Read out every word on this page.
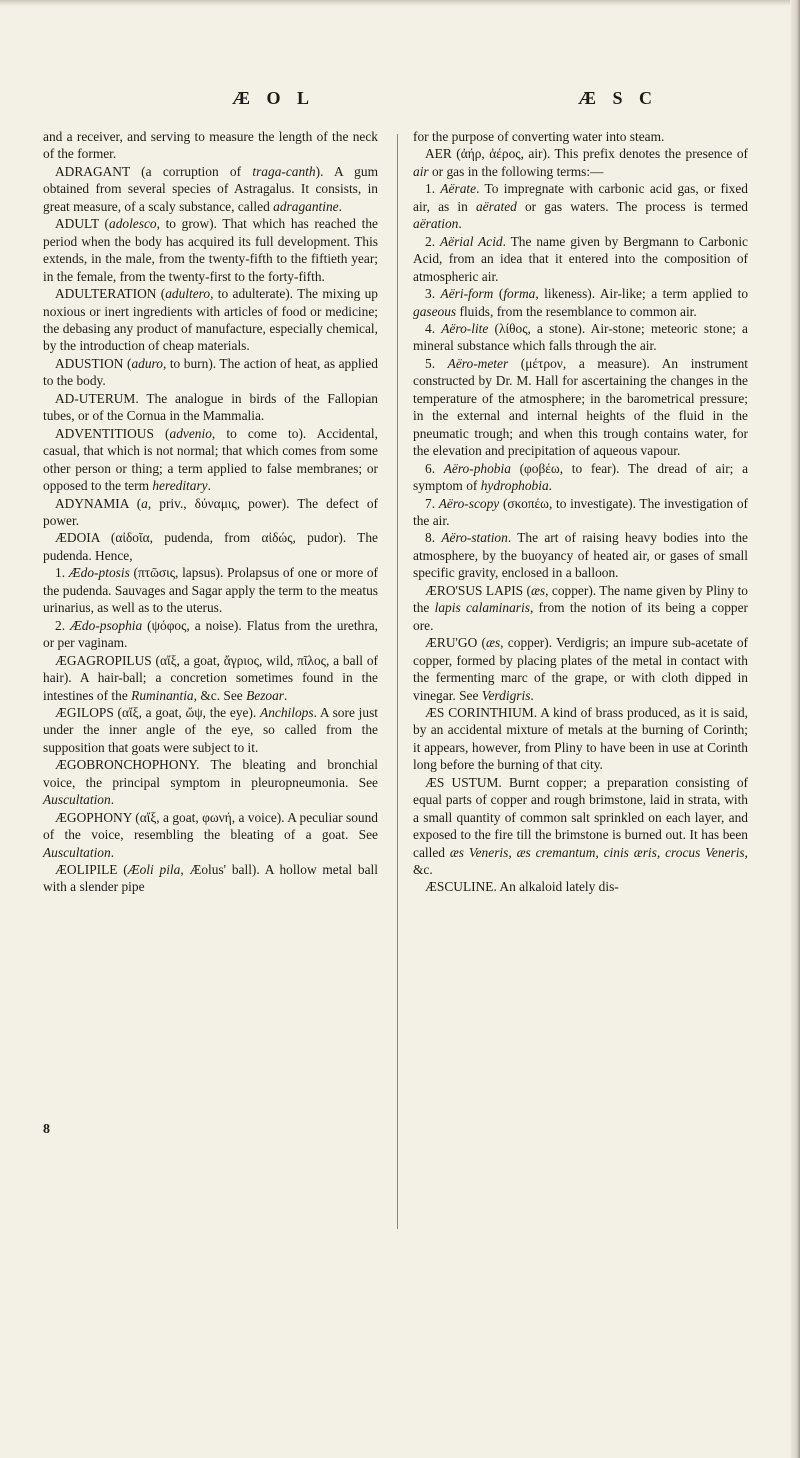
Æ O L	Æ S C

and a receiver, and serving to measure the length of the neck of the former.

ADRAGANT (a corruption of traga-canth). A gum obtained from several species of Astragalus. It consists, in great measure, of a scaly substance, called adragantine.

ADULT (adolesco, to grow). That which has reached the period when the body has acquired its full development. This extends, in the male, from the twenty-fifth to the fiftieth year; in the female, from the twenty-first to the forty-fifth.

ADULTERATION (adultero, to adulterate). The mixing up noxious or inert ingredients with articles of food or medicine; the debasing any product of manufacture, especially chemical, by the introduction of cheap materials.

ADUSTION (aduro, to burn). The action of heat, as applied to the body.

AD-UTERUM. The analogue in birds of the Fallopian tubes, or of the Cornua in the Mammalia.

ADVENTITIOUS (advenio, to come to). Accidental, casual, that which is not normal; that which comes from some other person or thing; a term applied to false membranes; or opposed to the term hereditary.

ADYNAMIA (a, priv., δύναμις, power). The defect of power.

ÆDOIA (αἰδοῖα, pudenda, from αἰδώς, pudor). The pudenda. Hence,

1. Ædo-ptosis (πτῶσις, lapsus). Prolapsus of one or more of the pudenda. Sauvages and Sagar apply the term to the meatus urinarius, as well as to the uterus.

2. Ædo-psophia (ψόφος, a noise). Flatus from the urethra, or per vaginam.

ÆGAGROPILUS (αἴξ, a goat, ἄγριος, wild, πῖλος, a ball of hair). A hair-ball; a concretion sometimes found in the intestines of the Ruminantia, &c. See Bezoar.

ÆGILOPS (αἴξ, a goat, ὤψ, the eye). Anchilops. A sore just under the inner angle of the eye, so called from the supposition that goats were subject to it.

ÆGOBRONCHOPHONY. The bleating and bronchial voice, the principal symptom in pleuropneumonia. See Auscultation.

ÆGOPHONY (αἴξ, a goat, φωνή, a voice). A peculiar sound of the voice, resembling the bleating of a goat. See Auscultation.

ÆOLIPILE (Æoli pila, Æolus' ball). A hollow metal ball with a slender pipe

for the purpose of converting water into steam.

AER (ἀήρ, ἀέρος, air). This prefix denotes the presence of air or gas in the following terms:—

1. Aërate. To impregnate with carbonic acid gas, or fixed air, as in aërated or gas waters. The process is termed aëration.

2. Aërial Acid. The name given by Bergmann to Carbonic Acid, from an idea that it entered into the composition of atmospheric air.

3. Aëri-form (forma, likeness). Air-like; a term applied to gaseous fluids, from the resemblance to common air.

4. Aëro-lite (λίθος, a stone). Air-stone; meteoric stone; a mineral substance which falls through the air.

5. Aëro-meter (μέτρον, a measure). An instrument constructed by Dr. M. Hall for ascertaining the changes in the temperature of the atmosphere; in the barometrical pressure; in the external and internal heights of the fluid in the pneumatic trough; and when this trough contains water, for the elevation and precipitation of aqueous vapour.

6. Aëro-phobia (φοβέω, to fear). The dread of air; a symptom of hydrophobia.

7. Aëro-scopy (σκοπέω, to investigate). The investigation of the air.

8. Aëro-station. The art of raising heavy bodies into the atmosphere, by the buoyancy of heated air, or gases of small specific gravity, enclosed in a balloon.

ÆRO'SUS LAPIS (æs, copper). The name given by Pliny to the lapis calaminaris, from the notion of its being a copper ore.

ÆRU'GO (æs, copper). Verdigris; an impure sub-acetate of copper, formed by placing plates of the metal in contact with the fermenting marc of the grape, or with cloth dipped in vinegar. See Verdigris.

ÆS CORINTHIUM. A kind of brass produced, as it is said, by an accidental mixture of metals at the burning of Corinth; it appears, however, from Pliny to have been in use at Corinth long before the burning of that city.

ÆS USTUM. Burnt copper; a preparation consisting of equal parts of copper and rough brimstone, laid in strata, with a small quantity of common salt sprinkled on each layer, and exposed to the fire till the brimstone is burned out. It has been called æs Veneris, æs cremantum, cinis æris, crocus Veneris, &c.

ÆSCULINE. An alkaloid lately dis-

8
